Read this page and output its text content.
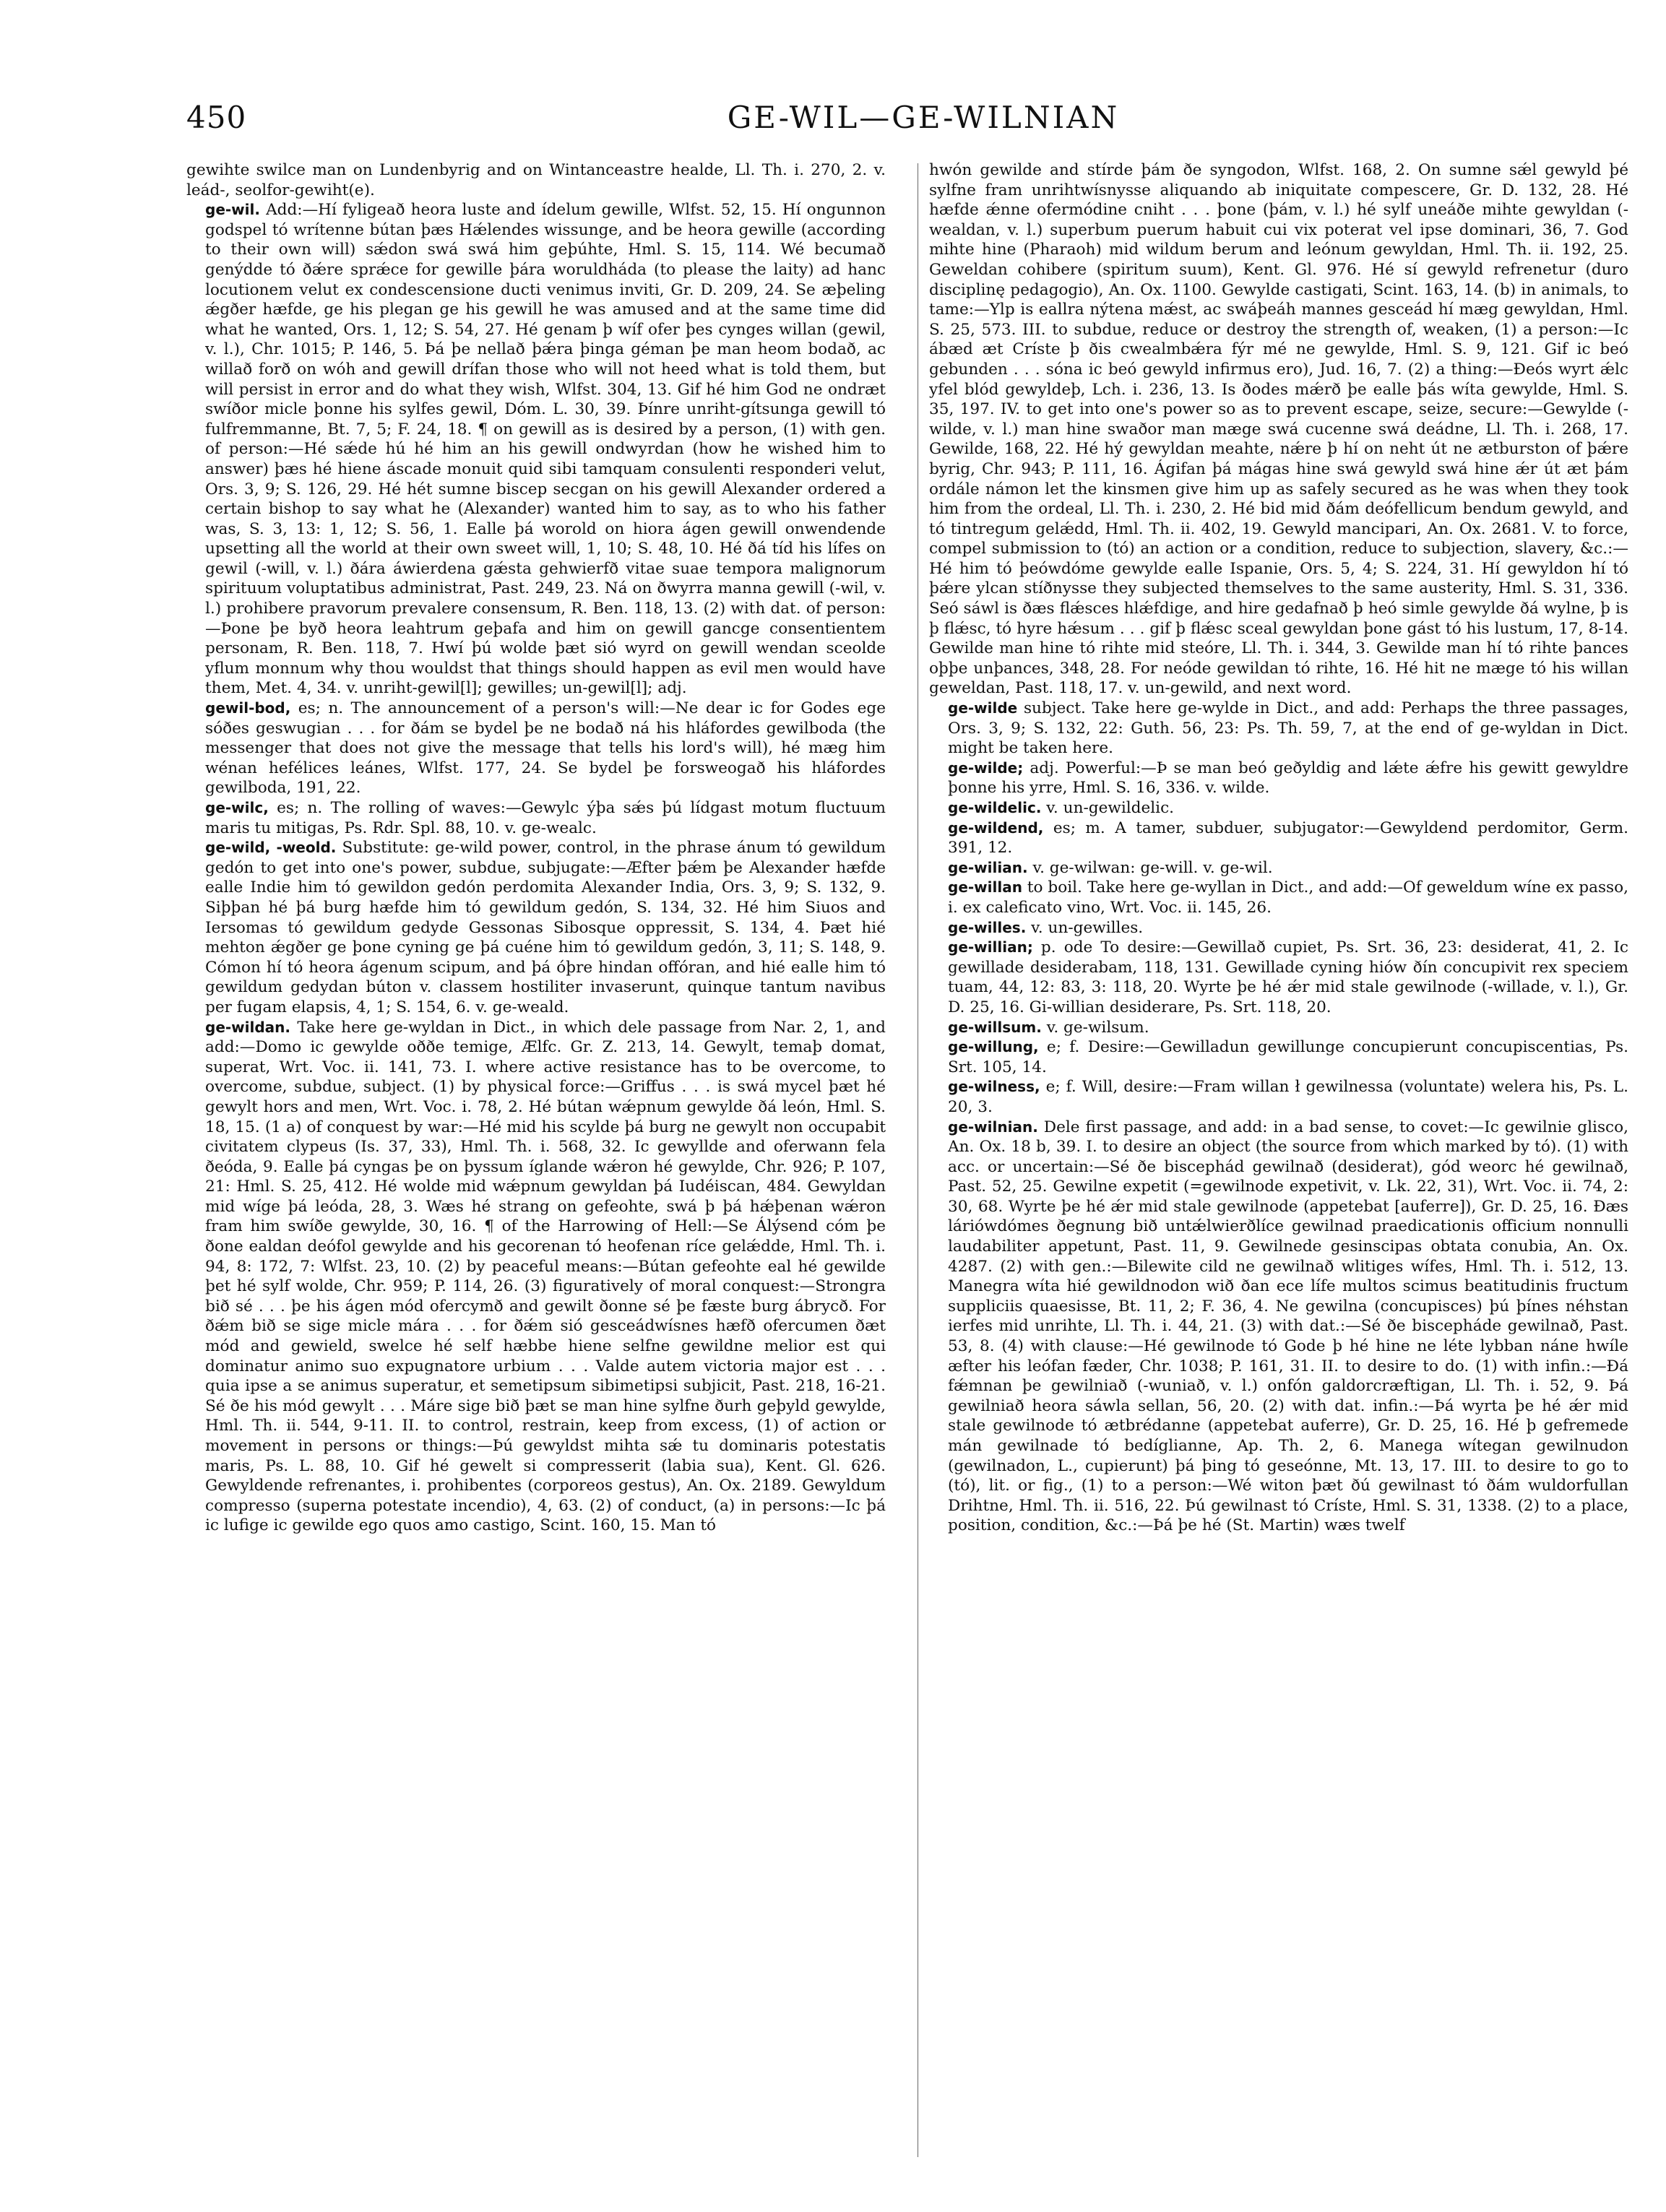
450	GE-WIL—GE-WILNIAN
gewihte swilce man on Lundenbyrig and on Wintanceastre healde, Ll. Th. i. 270, 2. v. leád-, seolfor-gewiht(e).
ge-wil. Add:—Hí fyligeað heora luste and ídelum gewille, Wlfst. 52, 15. Hí ongunnon godspel tó wrítenne bútan þæs Hǽlendes wissunge, and be heora gewille (according to their own will) sǽdon swá swá him geþúhte, Hml. S. 15, 114. Wé becumað genýdde tó ðǽre sprǽce for gewille þára woruldháda (to please the laity) ad hanc locutionem velut ex condescensione ducti venimus inviti, Gr. D. 209, 24. Se æþeling ǽgðer hæfde, ge his plegan ge his gewill he was amused and at the same time did what he wanted, Ors. 1, 12; S. 54, 27. Hé genam þ wíf ofer þes cynges willan (gewil, v. l.), Chr. 1015; P. 146, 5. Þá þe nellað þǽra þinga géman þe man heom bodað, ac willað forð on wóh and gewill drífan those who will not heed what is told them, but will persist in error and do what they wish, Wlfst. 304, 13. Gif hé him God ne ondræt swíðor micle þonne his sylfes gewil, Dóm. L. 30, 39. Þínre unriht-gítsunga gewill tó fulfremmanne, Bt. 7, 5; F. 24, 18. ¶ on gewill as is desired by a person, (1) with gen. of person:—Hé sǽde hú hé him an his gewill ondwyrdan (how he wished him to answer) þæs hé hiene áscade monuit quid sibi tamquam consulenti responderi velut, Ors. 3, 9; S. 126, 29. Hé hét sumne biscep secgan on his gewill Alexander ordered a certain bishop to say what he (Alexander) wanted him to say, as to who his father was, S. 3, 13: 1, 12; S. 56, 1. Ealle þá worold on hiora ágen gewill onwendende upsetting all the world at their own sweet will, 1, 10; S. 48, 10. Hé ðá tíd his lífes on gewil (-will, v. l.) ðára áwierdena gǽsta gehwierfð vitae suae tempora malignorum spirituum voluptatibus administrat, Past. 249, 23. Ná on ðwyrra manna gewill (-wil, v. l.) prohibere pravorum prevalere consensum, R. Ben. 118, 13. (2) with dat. of person:—Þone þe byð heora leahtrum geþafa and him on gewill gancge consentientem personam, R. Ben. 118, 7. Hwí þú wolde þæt sió wyrd on gewill wendan sceolde yflum monnum why thou wouldst that things should happen as evil men would have them, Met. 4, 34. v. unriht-gewil[l]; gewilles; un-gewil[l]; adj.
gewil-bod, es; n. The announcement of a person's will:—Ne dear ic for Godes ege sóðes geswugian . . . for ðám se bydel þe ne bodað ná his hláfordes gewilboda (the messenger that does not give the message that tells his lord's will), hé mæg him wénan hefélices leánes, Wlfst. 177, 24. Se bydel þe forsweogað his hláfordes gewilboda, 191, 22.
ge-wilc, es; n. The rolling of waves:—Gewylc ýþa sǽs þú lídgast motum fluctuum maris tu mitigas, Ps. Rdr. Spl. 88, 10. v. ge-wealc.
ge-wild, -weold. Substitute: ge-wild power, control, in the phrase ánum tó gewildum gedón to get into one's power, subdue, subjugate:—Æfter þǽm þe Alexander hæfde ealle Indie him tó gewildon gedón perdomita Alexander India, Ors. 3, 9; S. 132, 9. Siþþan hé þá burg hæfde him tó gewildum gedón, S. 134, 32. Hé him Siuos and Iersomas tó gewildum gedyde Gessonas Sibosque oppressit, S. 134, 4. Þæt hié mehton ǽgðer ge þone cyning ge þá cuéne him tó gewildum gedón, 3, 11; S. 148, 9. Cómon hí tó heora ágenum scipum, and þá óþre hindan offóran, and hié ealle him tó gewildum gedydan búton v. classem hostiliter invaserunt, quinque tantum navibus per fugam elapsis, 4, 1; S. 154, 6. v. ge-weald.
ge-wildan. Take here ge-wyldan in Dict., in which dele passage from Nar. 2, 1, and add:—Domo ic gewylde oððe temige, Ælfc. Gr. Z. 213, 14. Gewylt, temaþ domat, superat, Wrt. Voc. ii. 141, 73. I. where active resistance has to be overcome, to overcome, subdue, subject. (1) by physical force:—Griffus . . . is swá mycel þæt hé gewylt hors and men, Wrt. Voc. i. 78, 2. Hé bútan wǽpnum gewylde ðá león, Hml. S. 18, 15. (1 a) of conquest by war:—Hé mid his scylde þá burg ne gewylt non occupabit civitatem clypeus (Is. 37, 33), Hml. Th. i. 568, 32. Ic gewyllde and oferwann fela ðeóda, 9. Ealle þá cyngas þe on þyssum íglande wǽron hé gewylde, Chr. 926; P. 107, 21: Hml. S. 25, 412. Hé wolde mid wǽpnum gewyldan þá Iudéiscan, 484. Gewyldan mid wíge þá leóda, 28, 3. Wæs hé strang on gefeohte, swá þ þá hǽþenan wǽron fram him swíðe gewylde, 30, 16. ¶ of the Harrowing of Hell:—Se Álýsend cóm þe ðone ealdan deófol gewylde and his gecorenan tó heofenan ríce gelǽdde, Hml. Th. i. 94, 8: 172, 7: Wlfst. 23, 10. (2) by peaceful means:—Bútan gefeohte eal hé gewilde þet hé sylf wolde, Chr. 959; P. 114, 26. (3) figuratively of moral conquest:—Strongra bið sé . . . þe his ágen mód ofercymð and gewilt ðonne sé þe fæste burg ábrycð. For ðǽm bið se sige micle mára . . . for ðǽm sió gesceádwísnes hæfð ofercumen ðæt mód and gewield, swelce hé self hæbbe hiene selfne gewildne melior est qui dominatur animo suo expugnatore urbium . . . Valde autem victoria major est . . . quia ipse a se animus superatur, et semetipsum sibimetipsi subjicit, Past. 218, 16-21. Sé ðe his mód gewylt . . . Máre sige bið þæt se man hine sylfne ðurh geþyld gewylde, Hml. Th. ii. 544, 9-11. II. to control, restrain, keep from excess, (1) of action or movement in persons or things:—Þú gewyldst mihta sǽ tu dominaris potestatis maris, Ps. L. 88, 10. Gif hé gewelt si compresserit (labia sua), Kent. Gl. 626. Gewyldende refrenantes, i. prohibentes (corporeos gestus), An. Ox. 2189. Gewyldum compresso (superna potestate incendio), 4, 63. (2) of conduct, (a) in persons:—Ic þá ic lufige ic gewilde ego quos amo castigo, Scint. 160, 15. Man tó
hwón gewilde and stírde þám ðe syngodon, Wlfst. 168, 2. On sumne sǽl gewyld þé sylfne fram unrihtwísnysse aliquando ab iniquitate compescere, Gr. D. 132, 28. Hé hæfde ǽnne ofermódine cniht . . . þone (þám, v. l.) hé sylf uneáðe mihte gewyldan (-wealdan, v. l.) superbum puerum habuit cui vix poterat vel ipse dominari, 36, 7. God mihte hine (Pharaoh) mid wildum berum and leónum gewyldan, Hml. Th. ii. 192, 25. Geweldan cohibere (spiritum suum), Kent. Gl. 976. Hé sí gewyld refrenetur (duro disciplinę pedagogio), An. Ox. 1100. Gewylde castigati, Scint. 163, 14. (b) in animals, to tame:—Ylp is eallra nýtena mǽst, ac swáþeáh mannes gesceád hí mæg gewyldan, Hml. S. 25, 573. III. to subdue, reduce or destroy the strength of, weaken, (1) a person:—Ic ábæd æt Críste þ ðis cwealmbǽra fýr mé ne gewylde, Hml. S. 9, 121. Gif ic beó gebunden . . . sóna ic beó gewyld infirmus ero), Jud. 16, 7. (2) a thing:—Ðeós wyrt ǽlc yfel blód gewyldeþ, Lch. i. 236, 13. Is ðodes mǽrð þe ealle þás wíta gewylde, Hml. S. 35, 197. IV. to get into one's power so as to prevent escape, seize, secure:—Gewylde (-wilde, v. l.) man hine swaðor man mæge swá cucenne swá deádne, Ll. Th. i. 268, 17. Gewilde, 168, 22. Hé hý gewyldan meahte, nǽre þ hí on neht út ne ætburston of þǽre byrig, Chr. 943; P. 111, 16. Ágifan þá mágas hine swá gewyld swá hine ǽr út æt þám ordále námon let the kinsmen give him up as safely secured as he was when they took him from the ordeal, Ll. Th. i. 230, 2. Hé bid mid ðám deófellicum bendum gewyld, and tó tintregum gelǽdd, Hml. Th. ii. 402, 19. Gewyld mancipari, An. Ox. 2681. V. to force, compel submission to (tó) an action or a condition, reduce to subjection, slavery, &c.:—Hé him tó þeówdóme gewylde ealle Ispanie, Ors. 5, 4; S. 224, 31. Hí gewyldon hí tó þǽre ylcan stíðnysse they subjected themselves to the same austerity, Hml. S. 31, 336. Seó sáwl is ðæs flǽsces hlǽfdige, and hire gedafnað þ heó simle gewylde ðá wylne, þ is þ flǽsc, tó hyre hǽsum . . . gif þ flǽsc sceal gewyldan þone gást tó his lustum, 17, 8-14. Gewilde man hine tó rihte mid steóre, Ll. Th. i. 344, 3. Gewilde man hí tó rihte þances oþþe unþances, 348, 28. For neóde gewildan tó rihte, 16. Hé hit ne mæge tó his willan geweldan, Past. 118, 17. v. un-gewild, and next word.
ge-wilde subject. Take here ge-wylde in Dict., and add: Perhaps the three passages, Ors. 3, 9; S. 132, 22: Guth. 56, 23: Ps. Th. 59, 7, at the end of ge-wyldan in Dict. might be taken here.
ge-wilde; adj. Powerful:—Þ se man beó geðyldig and lǽte ǽfre his gewitt gewyldre þonne his yrre, Hml. S. 16, 336. v. wilde.
ge-wildelic. v. un-gewildelic.
ge-wildend, es; m. A tamer, subduer, subjugator:—Gewyldend perdomitor, Germ. 391, 12.
ge-wilian. v. ge-wilwan: ge-will. v. ge-wil.
ge-willan to boil. Take here ge-wyllan in Dict., and add:—Of geweldum wíne ex passo, i. ex caleficato vino, Wrt. Voc. ii. 145, 26.
ge-willes. v. un-gewilles.
ge-willian; p. ode To desire:—Gewillað cupiet, Ps. Srt. 36, 23: desiderat, 41, 2. Ic gewillade desiderabam, 118, 131. Gewillade cyning hiów ðín concupivit rex speciem tuam, 44, 12: 83, 3: 118, 20. Wyrte þe hé ǽr mid stale gewilnode (-willade, v. l.), Gr. D. 25, 16. Gi-willian desiderare, Ps. Srt. 118, 20.
ge-willsum. v. ge-wilsum.
ge-willung, e; f. Desire:—Gewilladun gewillunge concupierunt concupiscentias, Ps. Srt. 105, 14.
ge-wilness, e; f. Will, desire:—Fram willan ł gewilnessa (voluntate) welera his, Ps. L. 20, 3.
ge-wilnian. Dele first passage, and add: in a bad sense, to covet:—Ic gewilnie glisco, An. Ox. 18 b, 39. I. to desire an object (the source from which marked by tó). (1) with acc. or uncertain:—Sé ðe biscephád gewilnað (desiderat), gód weorc hé gewilnað, Past. 52, 25. Gewilne expetit (=gewilnode expetivit, v. Lk. 22, 31), Wrt. Voc. ii. 74, 2: 30, 68. Wyrte þe hé ǽr mid stale gewilnode (appetebat [auferre]), Gr. D. 25, 16. Ðæs láriówdómes ðegnung bið untǽlwierðlíce gewilnad praedicationis officium nonnulli laudabiliter appetunt, Past. 11, 9. Gewilnede gesinscipas obtata conubia, An. Ox. 4287. (2) with gen.:—Bilewite cild ne gewilnað wlitiges wífes, Hml. Th. i. 512, 13. Manegra wíta hié gewildnodon wið ðan ece lífe multos scimus beatitudinis fructum suppliciis quaesisse, Bt. 11, 2; F. 36, 4. Ne gewilna (concupisces) þú þínes néhstan ierfes mid unrihte, Ll. Th. i. 44, 21. (3) with dat.:—Sé ðe biscepháde gewilnað, Past. 53, 8. (4) with clause:—Hé gewilnode tó Gode þ hé hine ne léte lybban náne hwíle æfter his leófan fæder, Chr. 1038; P. 161, 31. II. to desire to do. (1) with infin.:—Ðá fǽmnan þe gewilniað (-wuniað, v. l.) onfón galdorcræftigan, Ll. Th. i. 52, 9. Þá gewilniað heora sáwla sellan, 56, 20. (2) with dat. infin.:—Þá wyrta þe hé ǽr mid stale gewilnode tó ætbrédanne (appetebat auferre), Gr. D. 25, 16. Hé þ gefremede mán gewilnade tó bedíglianne, Ap. Th. 2, 6. Manega wítegan gewilnudon (gewilnadon, L., cupierunt) þá þing tó geseónne, Mt. 13, 17. III. to desire to go to (tó), lit. or fig., (1) to a person:—Wé witon þæt ðú gewilnast tó ðám wuldorfullan Drihtne, Hml. Th. ii. 516, 22. Þú gewilnast tó Críste, Hml. S. 31, 1338. (2) to a place, position, condition, &c.:—Þá þe hé (St. Martin) wæs twelf
